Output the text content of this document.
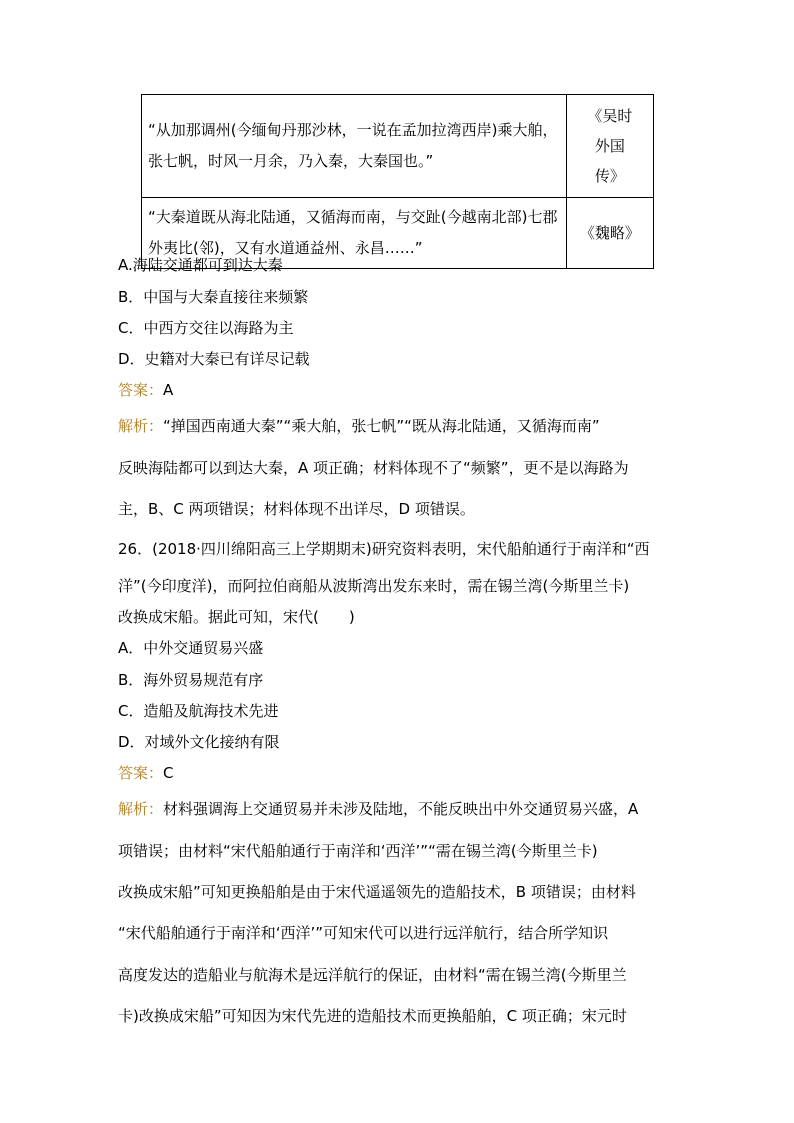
“从加那调州(今缅甸丹那沙林，一说在孟加拉湾西岸)乘大舶，张七帆，时风一月余，乃入秦，大秦国也。”	《吴时
外国
传》

“大秦道既从海北陆通，又循海而南，与交趾(今越南北部)七郡外夷比(邻)，又有水道通益州、永昌……”	《魏略》
A.海陆交通都可到达大秦
B．中国与大秦直接往来频繁
C．中西方交往以海路为主
D．史籍对大秦已有详尽记载
答案：A
解析：“掸国西南通大秦”“乘大舶，张七帆”“既从海北陆通，又循海而南”
反映海陆都可以到达大秦，A 项正确；材料体现不了“频繁”，更不是以海路为
主，B、C 两项错误；材料体现不出详尽，D 项错误。
26．(2018·四川绵阳高三上学期期末)研究资料表明，宋代船舶通行于南洋和“西
洋”(今印度洋)，而阿拉伯商船从波斯湾出发东来时，需在锡兰湾(今斯里兰卡)
改换成宋船。据此可知，宋代(　　)
A．中外交通贸易兴盛
B．海外贸易规范有序
C．造船及航海技术先进
D．对域外文化接纳有限
答案：C
解析：材料强调海上交通贸易并未涉及陆地，不能反映出中外交通贸易兴盛，A
项错误；由材料“宋代船舶通行于南洋和‘西洋’”“需在锡兰湾(今斯里兰卡)
改换成宋船”可知更换船舶是由于宋代遥遥领先的造船技术，B 项错误；由材料
“宋代船舶通行于南洋和‘西洋’”可知宋代可以进行远洋航行，结合所学知识
高度发达的造船业与航海术是远洋航行的保证，由材料“需在锡兰湾(今斯里兰
卡)改换成宋船”可知因为宋代先进的造船技术而更换船舶，C 项正确；宋元时
